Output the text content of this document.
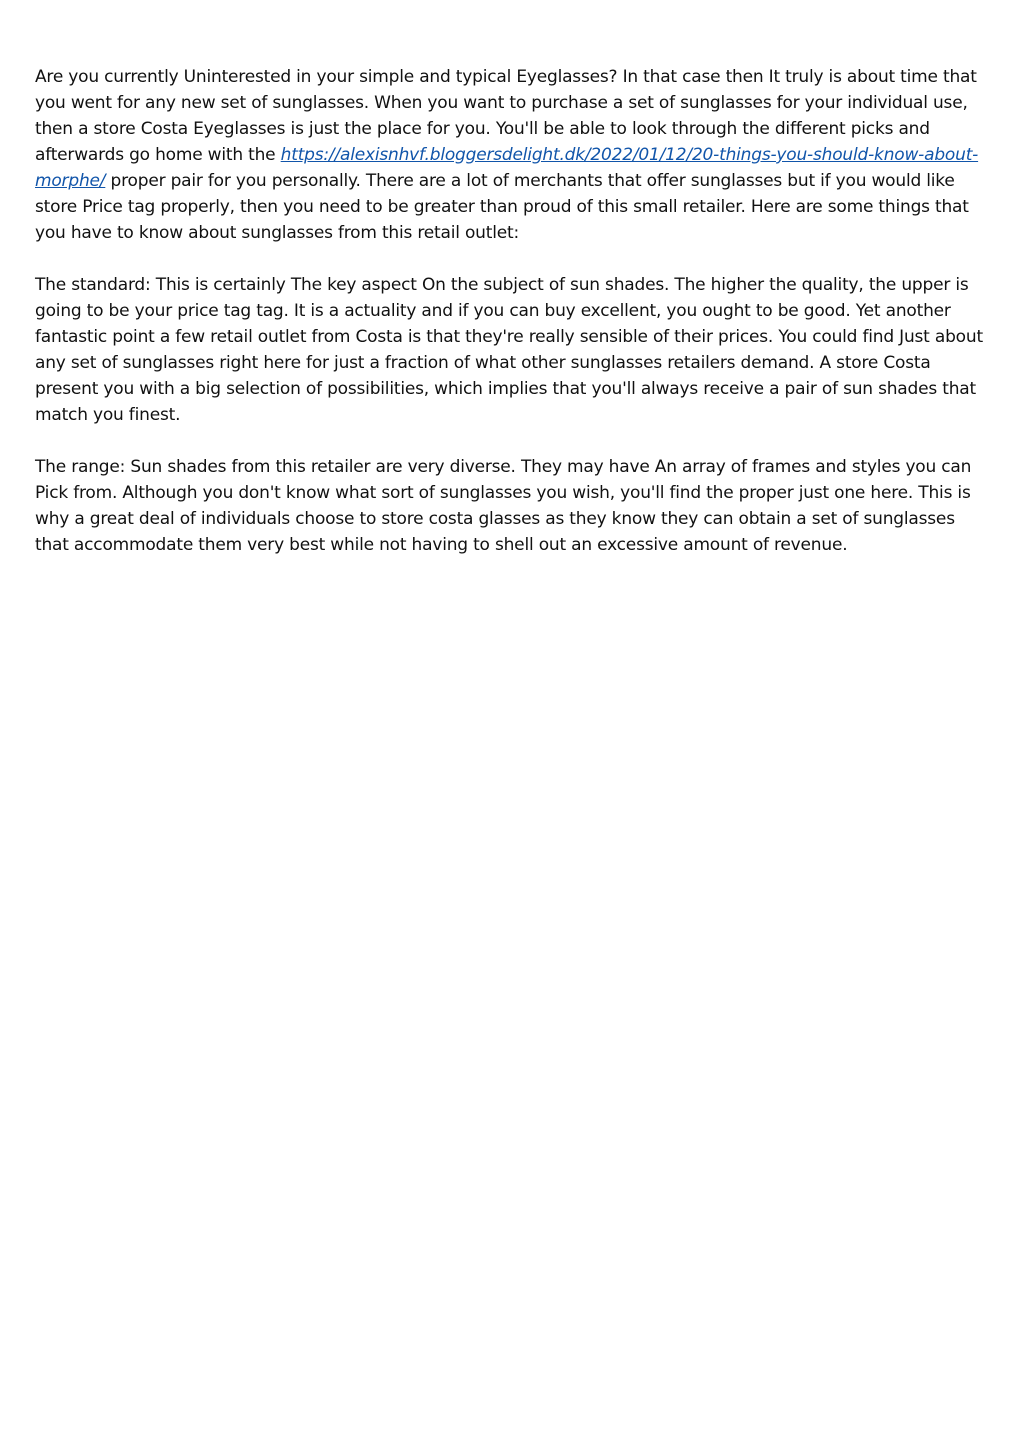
Are you currently Uninterested in your simple and typical Eyeglasses? In that case then It truly is about time that you went for any new set of sunglasses. When you want to purchase a set of sunglasses for your individual use, then a store Costa Eyeglasses is just the place for you. You'll be able to look through the different picks and afterwards go home with the https://alexisnhvf.bloggersdelight.dk/2022/01/12/20-things-you-should-know-about-morphe/ proper pair for you personally. There are a lot of merchants that offer sunglasses but if you would like store Price tag properly, then you need to be greater than proud of this small retailer. Here are some things that you have to know about sunglasses from this retail outlet:

The standard: This is certainly The key aspect On the subject of sun shades. The higher the quality, the upper is going to be your price tag tag. It is a actuality and if you can buy excellent, you ought to be good. Yet another fantastic point a few retail outlet from Costa is that they're really sensible of their prices. You could find Just about any set of sunglasses right here for just a fraction of what other sunglasses retailers demand. A store Costa present you with a big selection of possibilities, which implies that you'll always receive a pair of sun shades that match you finest.

The range: Sun shades from this retailer are very diverse. They may have An array of frames and styles you can Pick from. Although you don't know what sort of sunglasses you wish, you'll find the proper just one here. This is why a great deal of individuals choose to store costa glasses as they know they can obtain a set of sunglasses that accommodate them very best while not having to shell out an excessive amount of revenue.
